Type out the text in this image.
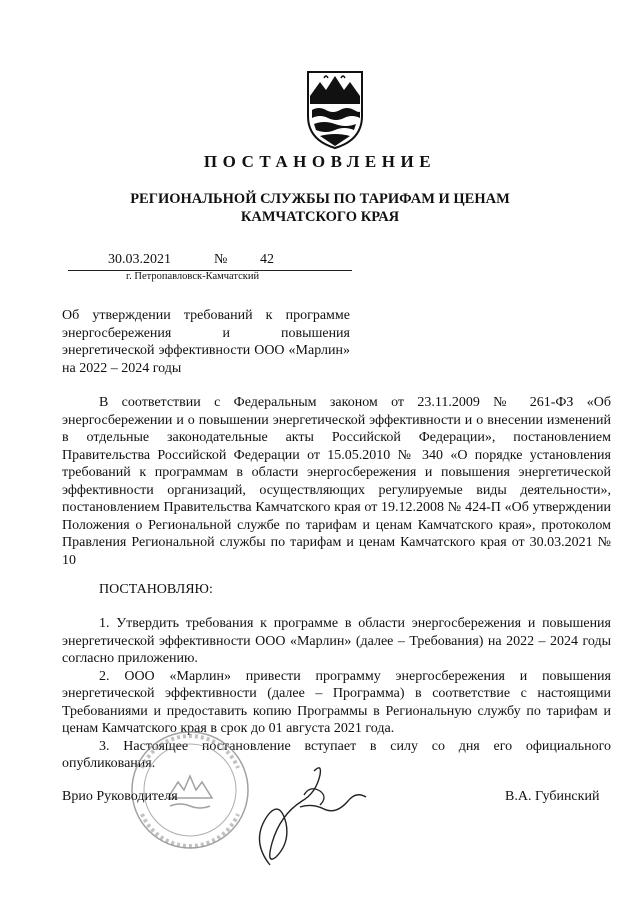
ПОСТАНОВЛЕНИЕ
РЕГИОНАЛЬНОЙ СЛУЖБЫ ПО ТАРИФАМ И ЦЕНАМ
КАМЧАТСКОГО КРАЯ
30.03.2021	№ 42
г. Петропавловск-Камчатский
Об утверждении требований к программе энергосбережения и повышения энергетической эффективности ООО «Марлин» на 2022 – 2024 годы

В соответствии с Федеральным законом от 23.11.2009 № 261-ФЗ «Об энергосбережении и о повышении энергетической эффективности и о внесении изменений в отдельные законодательные акты Российской Федерации», постановлением Правительства Российской Федерации от 15.05.2010 № 340 «О порядке установления требований к программам в области энергосбережения и повышения энергетической эффективности организаций, осуществляющих регулируемые виды деятельности», постановлением Правительства Камчатского края от 19.12.2008 № 424-П «Об утверждении Положения о Региональной службе по тарифам и ценам Камчатского края», протоколом Правления Региональной службы по тарифам и ценам Камчатского края от 30.03.2021 № 10

ПОСТАНОВЛЯЮ:

1. Утвердить требования к программе в области энергосбережения и повышения энергетической эффективности ООО «Марлин» (далее – Требования) на 2022 – 2024 годы согласно приложению.

2. ООО «Марлин» привести программу энергосбережения и повышения энергетической эффективности (далее – Программа) в соответствие с настоящими Требованиями и предоставить копию Программы в Региональную службу по тарифам и ценам Камчатского края в срок до 01 августа 2021 года.

3. Настоящее постановление вступает в силу со дня его официального опубликования.

Врио Руководителя	В.А. Губинский
